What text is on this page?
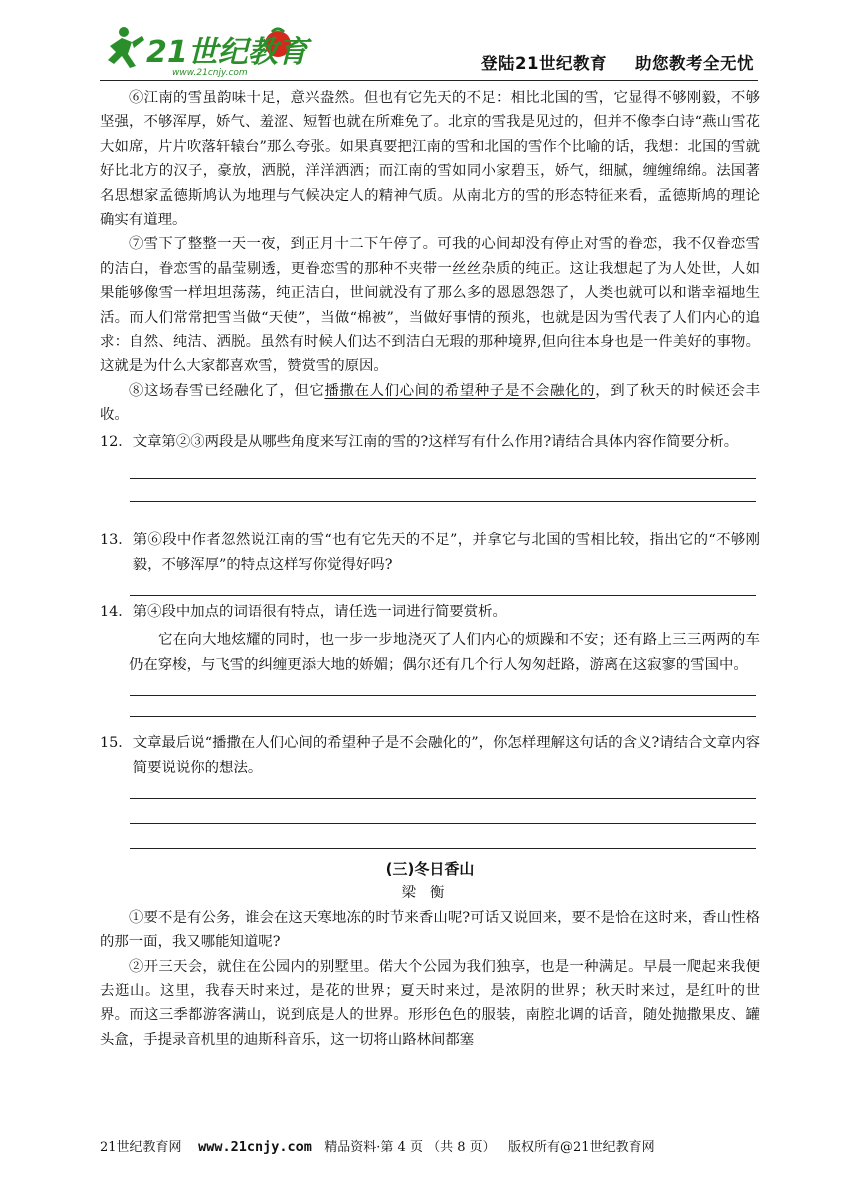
21世纪教育
www.21cnjy.com	登陆21世纪教育 助您教考全无忧

⑥江南的雪虽韵味十足，意兴盎然。但也有它先天的不足：相比北国的雪，它显得不够刚毅，不够坚强，不够浑厚，娇气、羞涩、短暂也就在所难免了。北京的雪我是见过的，但并不像李白诗“燕山雪花大如席，片片吹落轩辕台”那么夸张。如果真要把江南的雪和北国的雪作个比喻的话，我想：北国的雪就好比北方的汉子，豪放，洒脱，洋洋洒洒；而江南的雪如同小家碧玉，娇气，细腻，缠缠绵绵。法国著名思想家孟德斯鸠认为地理与气候决定人的精神气质。从南北方的雪的形态特征来看，孟德斯鸠的理论确实有道理。

⑦雪下了整整一天一夜，到正月十二下午停了。可我的心间却没有停止对雪的眷恋，我不仅眷恋雪的洁白，眷恋雪的晶莹剔透，更眷恋雪的那种不夹带一丝丝杂质的纯正。这让我想起了为人处世，人如果能够像雪一样坦坦荡荡，纯正洁白，世间就没有了那么多的恩恩怨怨了，人类也就可以和谐幸福地生活。而人们常常把雪当做“天使”，当做“棉被”，当做好事情的预兆，也就是因为雪代表了人们内心的追求：自然、纯洁、洒脱。虽然有时候人们达不到洁白无瑕的那种境界,但向往本身也是一件美好的事物。这就是为什么大家都喜欢雪，赞赏雪的原因。

⑧这场春雪已经融化了，但它播撒在人们心间的希望种子是不会融化的，到了秋天的时候还会丰收。

12． 文章第②③两段是从哪些角度来写江南的雪的?这样写有什么作用?请结合具体内容作简要分析。
13． 第⑥段中作者忽然说江南的雪“也有它先天的不足”，并拿它与北国的雪相比较，指出它的“不够刚毅，不够浑厚”的特点这样写你觉得好吗?
14． 第④段中加点的词语很有特点，请任选一词进行简要赏析。

它在向大地炫耀的同时，也一步一步地浇灭了人们内心的烦躁和不安；还有路上三三两两的车仍在穿梭，与飞雪的纠缠更添大地的娇媚；偶尔还有几个行人匆匆赶路，游离在这寂寥的雪国中。

15． 文章最后说“播撒在人们心间的希望种子是不会融化的”，你怎样理解这句话的含义?请结合文章内容简要说说你的想法。

(三)冬日香山

梁衡

①要不是有公务，谁会在这天寒地冻的时节来香山呢?可话又说回来，要不是恰在这时来，香山性格的那一面，我又哪能知道呢?

②开三天会，就住在公园内的别墅里。偌大个公园为我们独享，也是一种满足。早晨一爬起来我便去逛山。这里，我春天时来过，是花的世界；夏天时来过，是浓阴的世界；秋天时来过，是红叶的世界。而这三季都游客满山，说到底是人的世界。形形色色的服装，南腔北调的话音，随处抛撒果皮、罐头盒，手提录音机里的迪斯科音乐，这一切将山路林间都塞

21世纪教育网 www.21cnjy.com 精品资料·第 4 页 （共 8 页） 版权所有@21世纪教育网
